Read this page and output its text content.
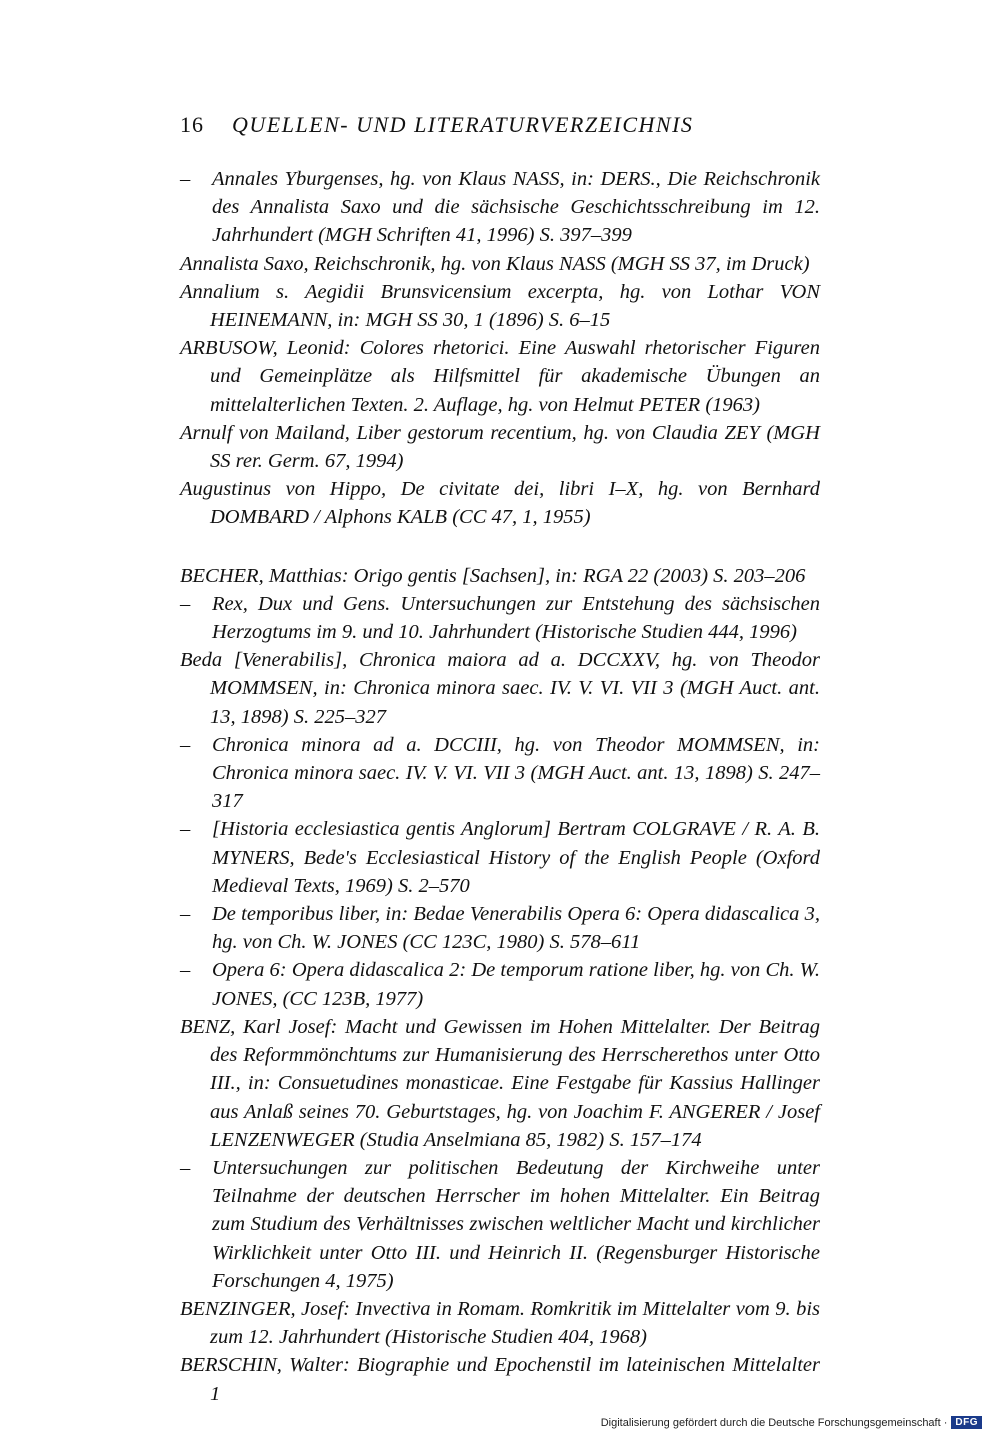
16 QUELLEN- UND LITERATURVERZEICHNIS
– Annales Yburgenses, hg. von Klaus NASS, in: DERS., Die Reichschronik des Annalista Saxo und die sächsische Geschichtsschreibung im 12. Jahrhundert (MGH Schriften 41, 1996) S. 397–399
Annalista Saxo, Reichschronik, hg. von Klaus NASS (MGH SS 37, im Druck)
Annalium s. Aegidii Brunsvicensium excerpta, hg. von Lothar VON HEINEMANN, in: MGH SS 30, 1 (1896) S. 6–15
ARBUSOW, Leonid: Colores rhetorici. Eine Auswahl rhetorischer Figuren und Gemeinplätze als Hilfsmittel für akademische Übungen an mittelalterlichen Texten. 2. Auflage, hg. von Helmut PETER (1963)
Arnulf von Mailand, Liber gestorum recentium, hg. von Claudia ZEY (MGH SS rer. Germ. 67, 1994)
Augustinus von Hippo, De civitate dei, libri I–X, hg. von Bernhard DOMBARD / Alphons KALB (CC 47, 1, 1955)
BECHER, Matthias: Origo gentis [Sachsen], in: RGA 22 (2003) S. 203–206
– Rex, Dux und Gens. Untersuchungen zur Entstehung des sächsischen Herzogtums im 9. und 10. Jahrhundert (Historische Studien 444, 1996)
Beda [Venerabilis], Chronica maiora ad a. DCCXXV, hg. von Theodor MOMMSEN, in: Chronica minora saec. IV. V. VI. VII 3 (MGH Auct. ant. 13, 1898) S. 225–327
– Chronica minora ad a. DCCIII, hg. von Theodor MOMMSEN, in: Chronica minora saec. IV. V. VI. VII 3 (MGH Auct. ant. 13, 1898) S. 247–317
– [Historia ecclesiastica gentis Anglorum] Bertram COLGRAVE / R. A. B. MYNERS, Bede's Ecclesiastical History of the English People (Oxford Medieval Texts, 1969) S. 2–570
– De temporibus liber, in: Bedae Venerabilis Opera 6: Opera didascalica 3, hg. von Ch. W. JONES (CC 123C, 1980) S. 578–611
– Opera 6: Opera didascalica 2: De temporum ratione liber, hg. von Ch. W. JONES, (CC 123B, 1977)
BENZ, Karl Josef: Macht und Gewissen im Hohen Mittelalter. Der Beitrag des Reformmönchtums zur Humanisierung des Herrscherethos unter Otto III., in: Consuetudines monasticae. Eine Festgabe für Kassius Hallinger aus Anlaß seines 70. Geburtstages, hg. von Joachim F. ANGERER / Josef LENZENWEGER (Studia Anselmiana 85, 1982) S. 157–174
– Untersuchungen zur politischen Bedeutung der Kirchweihe unter Teilnahme der deutschen Herrscher im hohen Mittelalter. Ein Beitrag zum Studium des Verhältnisses zwischen weltlicher Macht und kirchlicher Wirklichkeit unter Otto III. und Heinrich II. (Regensburger Historische Forschungen 4, 1975)
BENZINGER, Josef: Invectiva in Romam. Romkritik im Mittelalter vom 9. bis zum 12. Jahrhundert (Historische Studien 404, 1968)
BERSCHIN, Walter: Biographie und Epochenstil im lateinischen Mittelalter 1
Digitalisierung gefördert durch die Deutsche Forschungsgemeinschaft · DFG
